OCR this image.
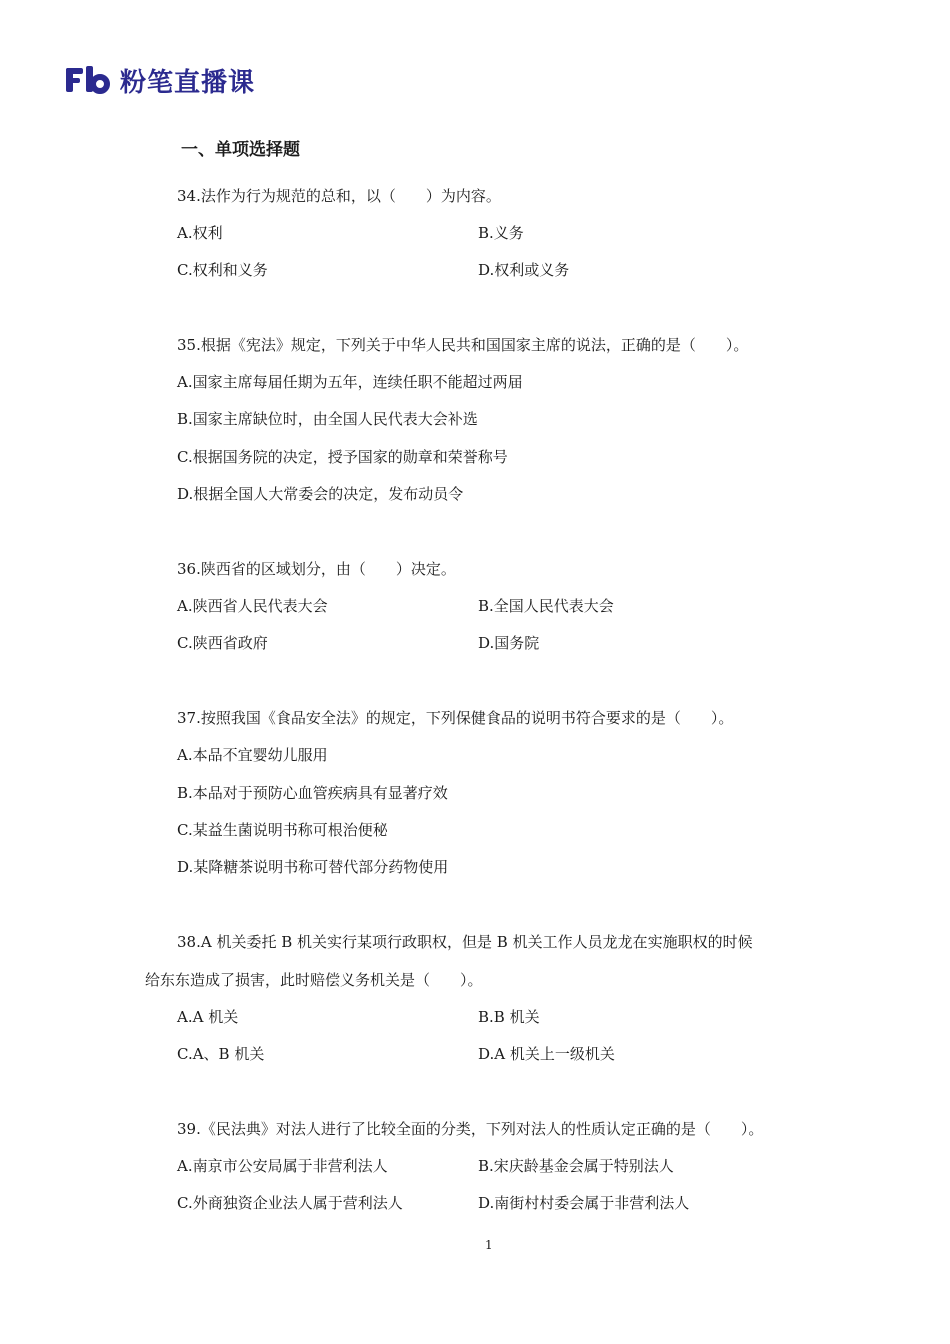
粉笔直播课
一、单项选择题
34.法作为行为规范的总和，以（　　）为内容。
A.权利	B.义务
C.权利和义务	D.权利或义务
35.根据《宪法》规定，下列关于中华人民共和国国家主席的说法，正确的是（　　）。
A.国家主席每届任期为五年，连续任职不能超过两届
B.国家主席缺位时，由全国人民代表大会补选
C.根据国务院的决定，授予国家的勋章和荣誉称号
D.根据全国人大常委会的决定，发布动员令
36.陕西省的区域划分，由（　　）决定。
A.陕西省人民代表大会	B.全国人民代表大会
C.陕西省政府	D.国务院
37.按照我国《食品安全法》的规定，下列保健食品的说明书符合要求的是（　　）。
A.本品不宜婴幼儿服用
B.本品对于预防心血管疾病具有显著疗效
C.某益生菌说明书称可根治便秘
D.某降糖茶说明书称可替代部分药物使用
38.A 机关委托 B 机关实行某项行政职权，但是 B 机关工作人员龙龙在实施职权的时候
给东东造成了损害，此时赔偿义务机关是（　　）。
A.A 机关	B.B 机关
C.A、B 机关	D.A 机关上一级机关
39.《民法典》对法人进行了比较全面的分类，下列对法人的性质认定正确的是（　　）。
A.南京市公安局属于非营利法人	B.宋庆龄基金会属于特别法人
C.外商独资企业法人属于营利法人	D.南街村村委会属于非营利法人
1
